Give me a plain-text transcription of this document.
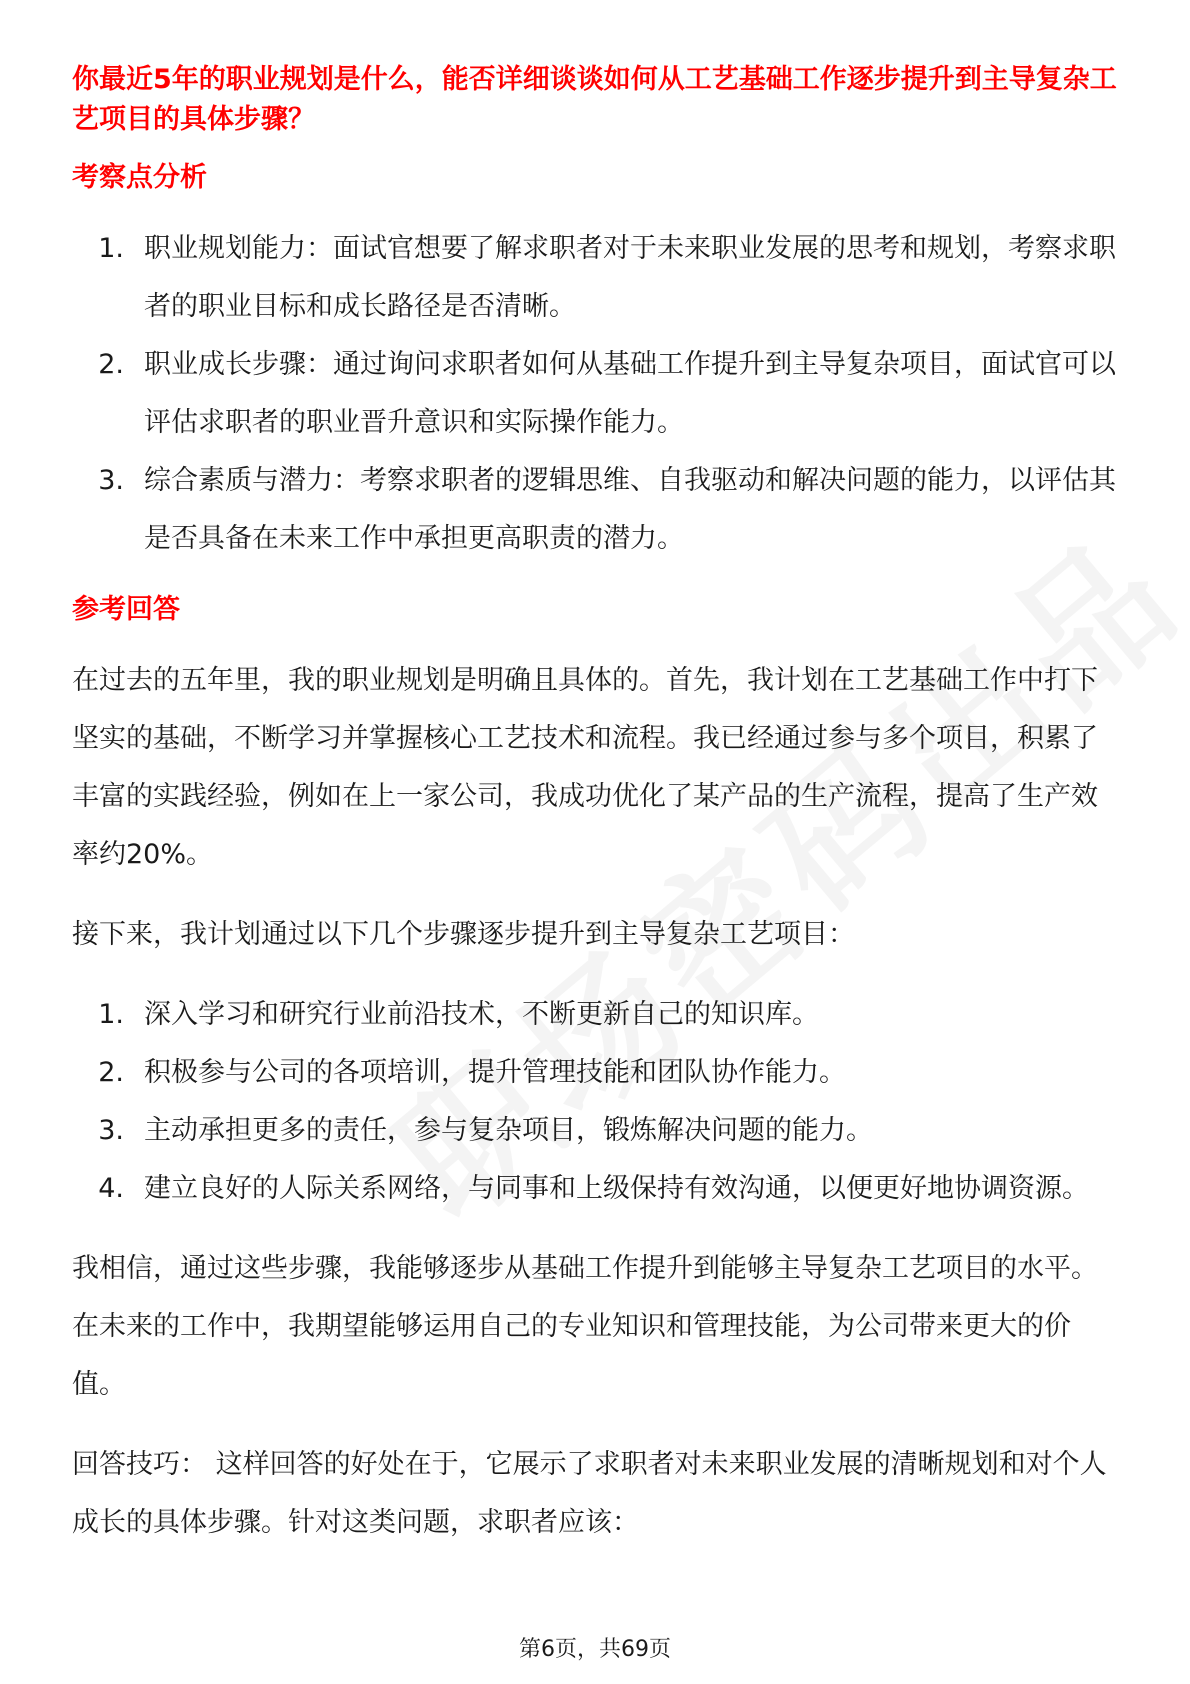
你最近5年的职业规划是什么，能否详细谈谈如何从工艺基础工作逐步提升到主导复杂工艺项目的具体步骤？
考察点分析
1. 职业规划能力：面试官想要了解求职者对于未来职业发展的思考和规划，考察求职者的职业目标和成长路径是否清晰。
2. 职业成长步骤：通过询问求职者如何从基础工作提升到主导复杂项目，面试官可以评估求职者的职业晋升意识和实际操作能力。
3. 综合素质与潜力：考察求职者的逻辑思维、自我驱动和解决问题的能力，以评估其是否具备在未来工作中承担更高职责的潜力。
参考回答

在过去的五年里，我的职业规划是明确且具体的。首先，我计划在工艺基础工作中打下坚实的基础，不断学习并掌握核心工艺技术和流程。我已经通过参与多个项目，积累了丰富的实践经验，例如在上一家公司，我成功优化了某产品的生产流程，提高了生产效率约20%。

接下来，我计划通过以下几个步骤逐步提升到主导复杂工艺项目：

1. 深入学习和研究行业前沿技术，不断更新自己的知识库。
2. 积极参与公司的各项培训，提升管理技能和团队协作能力。
3. 主动承担更多的责任，参与复杂项目，锻炼解决问题的能力。
4. 建立良好的人际关系网络，与同事和上级保持有效沟通，以便更好地协调资源。

我相信，通过这些步骤，我能够逐步从基础工作提升到能够主导复杂工艺项目的水平。在未来的工作中，我期望能够运用自己的专业知识和管理技能，为公司带来更大的价值。

回答技巧： 这样回答的好处在于，它展示了求职者对未来职业发展的清晰规划和对个人成长的具体步骤。针对这类问题，求职者应该：

第6页，共69页
